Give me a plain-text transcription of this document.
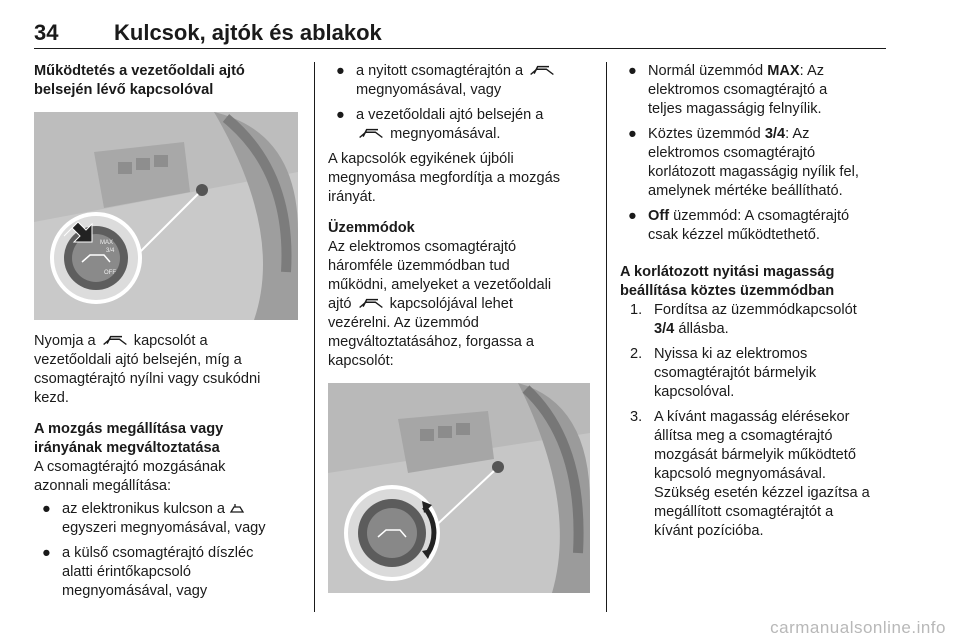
34	Kulcsok, ajtók és ablakok

Működtetés a vezetőoldali ajtó
belsején lévő kapcsolóval

MAX
3/4
OFF

Nyomja a	kapcsolót a
vezetőoldali ajtó belsején, míg a
csomagtérajtó nyílni vagy csukódni
kezd.

A mozgás megállítása vagy
irányának megváltoztatása

A csomagtérajtó mozgásának
azonnali megállítása:

● az elektronikus kulcson a
egyszeri megnyomásával, vagy
● a külső csomagtérajtó díszléc
alatti érintőkapcsoló
megnyomásával, vagy
● a nyitott csomagtérajtón a
megnyomásával, vagy
● a vezetőoldali ajtó belsején a
megnyomásával.

A kapcsolók egyikének újbóli
megnyomása megfordítja a mozgás
irányát.

Üzemmódok

Az elektromos csomagtérajtó
háromféle üzemmódban tud
működni, amelyeket a vezetőoldali
ajtó	kapcsolójával lehet
vezérelni. Az üzemmód
megváltoztatásához, forgassa a
kapcsolót:

● Normál üzemmód MAX: Az
elektromos csomagtérajtó a
teljes magasságig felnyílik.
● Köztes üzemmód 3/4: Az
elektromos csomagtérajtó
korlátozott magasságig nyílik fel,
amelynek mértéke beállítható.
● Off üzemmód: A csomagtérajtó
csak kézzel működtethető.

A korlátozott nyitási magasság
beállítása köztes üzemmódban

1. Fordítsa az üzemmódkapcsolót
3/4 állásba.
2. Nyissa ki az elektromos
csomagtérajtót bármelyik
kapcsolóval.
3. A kívánt magasság elérésekor
állítsa meg a csomagtérajtó
mozgását bármelyik működtető
kapcsoló megnyomásával.
Szükség esetén kézzel igazítsa a
megállított csomagtérajtót a
kívánt pozícióba.
carmanualsonline.info
